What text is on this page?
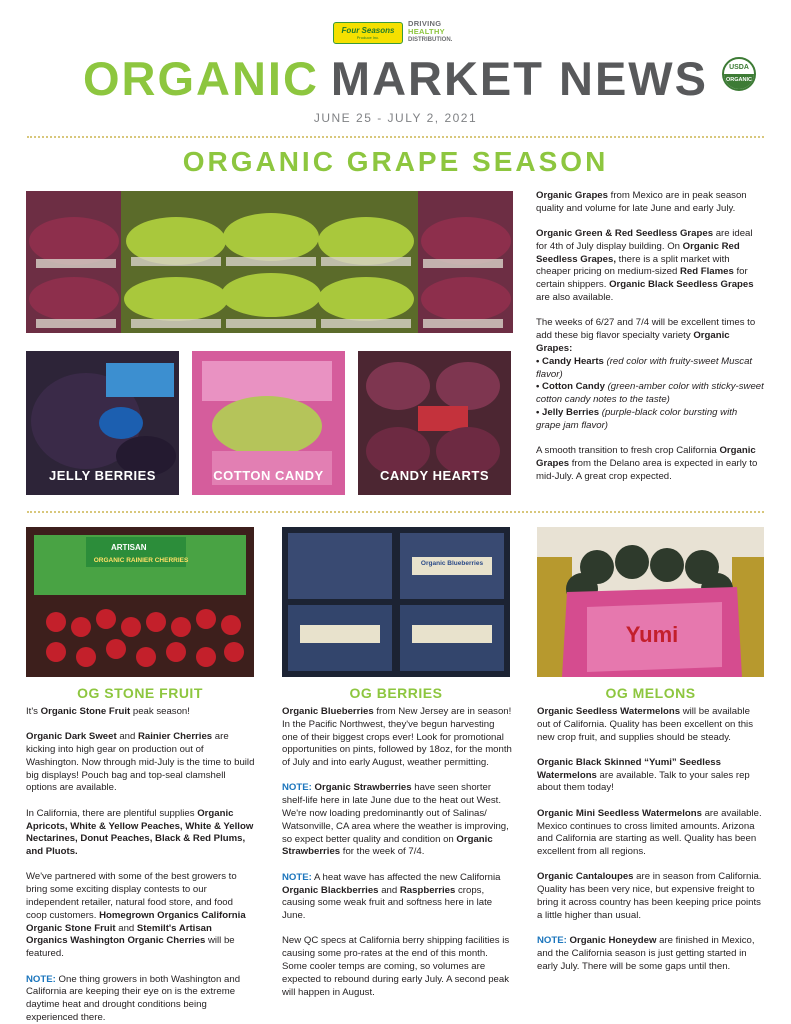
Four Seasons
Produce Inc.
DRIVING
HEALTHY
DISTRIBUTION.
ORGANIC MARKET NEWS	USDA
ORGANIC
JUNE 25 - JULY 2, 2021
ORGANIC GRAPE SEASON
JELLY BERRIES	COTTON CANDY	CANDY HEARTS

Organic Grapes from Mexico are in peak season quality and volume for late June and early July.

Organic Green & Red Seedless Grapes are ideal for 4th of July display building. On Organic Red Seedless Grapes, there is a split market with cheaper pricing on medium-sized Red Flames for certain shippers. Organic Black Seedless Grapes are also available.

The weeks of 6/27 and 7/4 will be excellent times to add these big flavor specialty variety Organic Grapes:

• Candy Hearts (red color with fruity-sweet Muscat flavor)

• Cotton Candy (green-amber color with sticky-sweet cotton candy notes to the taste)

• Jelly Berries (purple-black color bursting with grape jam flavor)

A smooth transition to fresh crop California Organic Grapes from the Delano area is expected in early to mid-July. A great crop expected.

ARTISAN
ORGANIC RAINIER CHERRIES	Organic Blueberries
Yumi
OG STONE FRUIT	OG BERRIES	OG MELONS

It's Organic Stone Fruit peak season!

Organic Dark Sweet and Rainier Cherries are kicking into high gear on production out of Washington. Now through mid-July is the time to build big displays! Pouch bag and top-seal clamshell options are available.

In California, there are plentiful supplies Organic Apricots, White & Yellow Peaches, White & Yellow Nectarines, Donut Peaches, Black & Red Plums, and Pluots.

We've partnered with some of the best growers to bring some exciting display contests to our independent retailer, natural food store, and food coop customers. Homegrown Organics California Organic Stone Fruit and Stemilt's Artisan Organics Washington Organic Cherries will be featured.

NOTE: One thing growers in both Washington and California are keeping their eye on is the extreme daytime heat and drought conditions being experienced there.

Organic Blueberries from New Jersey are in season! In the Pacific Northwest, they've begun harvesting one of their biggest crops ever! Look for promotional opportunities on pints, followed by 18oz, for the month of July and into early August, weather permitting.

NOTE: Organic Strawberries have seen shorter shelf-life here in late June due to the heat out West. We're now loading predominantly out of Salinas/ Watsonville, CA area where the weather is improving, so expect better quality and condition on Organic Strawberries for the week of 7/4.

NOTE: A heat wave has affected the new California Organic Blackberries and Raspberries crops, causing some weak fruit and softness here in late June.

New QC specs at California berry shipping facilities is causing some pro-rates at the end of this month. Some cooler temps are coming, so volumes are expected to rebound during early July. A second peak will happen in August.

Organic Seedless Watermelons will be available out of California. Quality has been excellent on this new crop fruit, and supplies should be steady.

Organic Black Skinned “Yumi” Seedless Watermelons are available. Talk to your sales rep about them today!

Organic Mini Seedless Watermelons are available. Mexico continues to cross limited amounts. Arizona and California are starting as well. Quality has been excellent from all regions.

Organic Cantaloupes are in season from California. Quality has been very nice, but expensive freight to bring it across country has been keeping price points a little higher than usual.

NOTE: Organic Honeydew are finished in Mexico, and the California season is just getting started in early July. There will be some gaps until then.
